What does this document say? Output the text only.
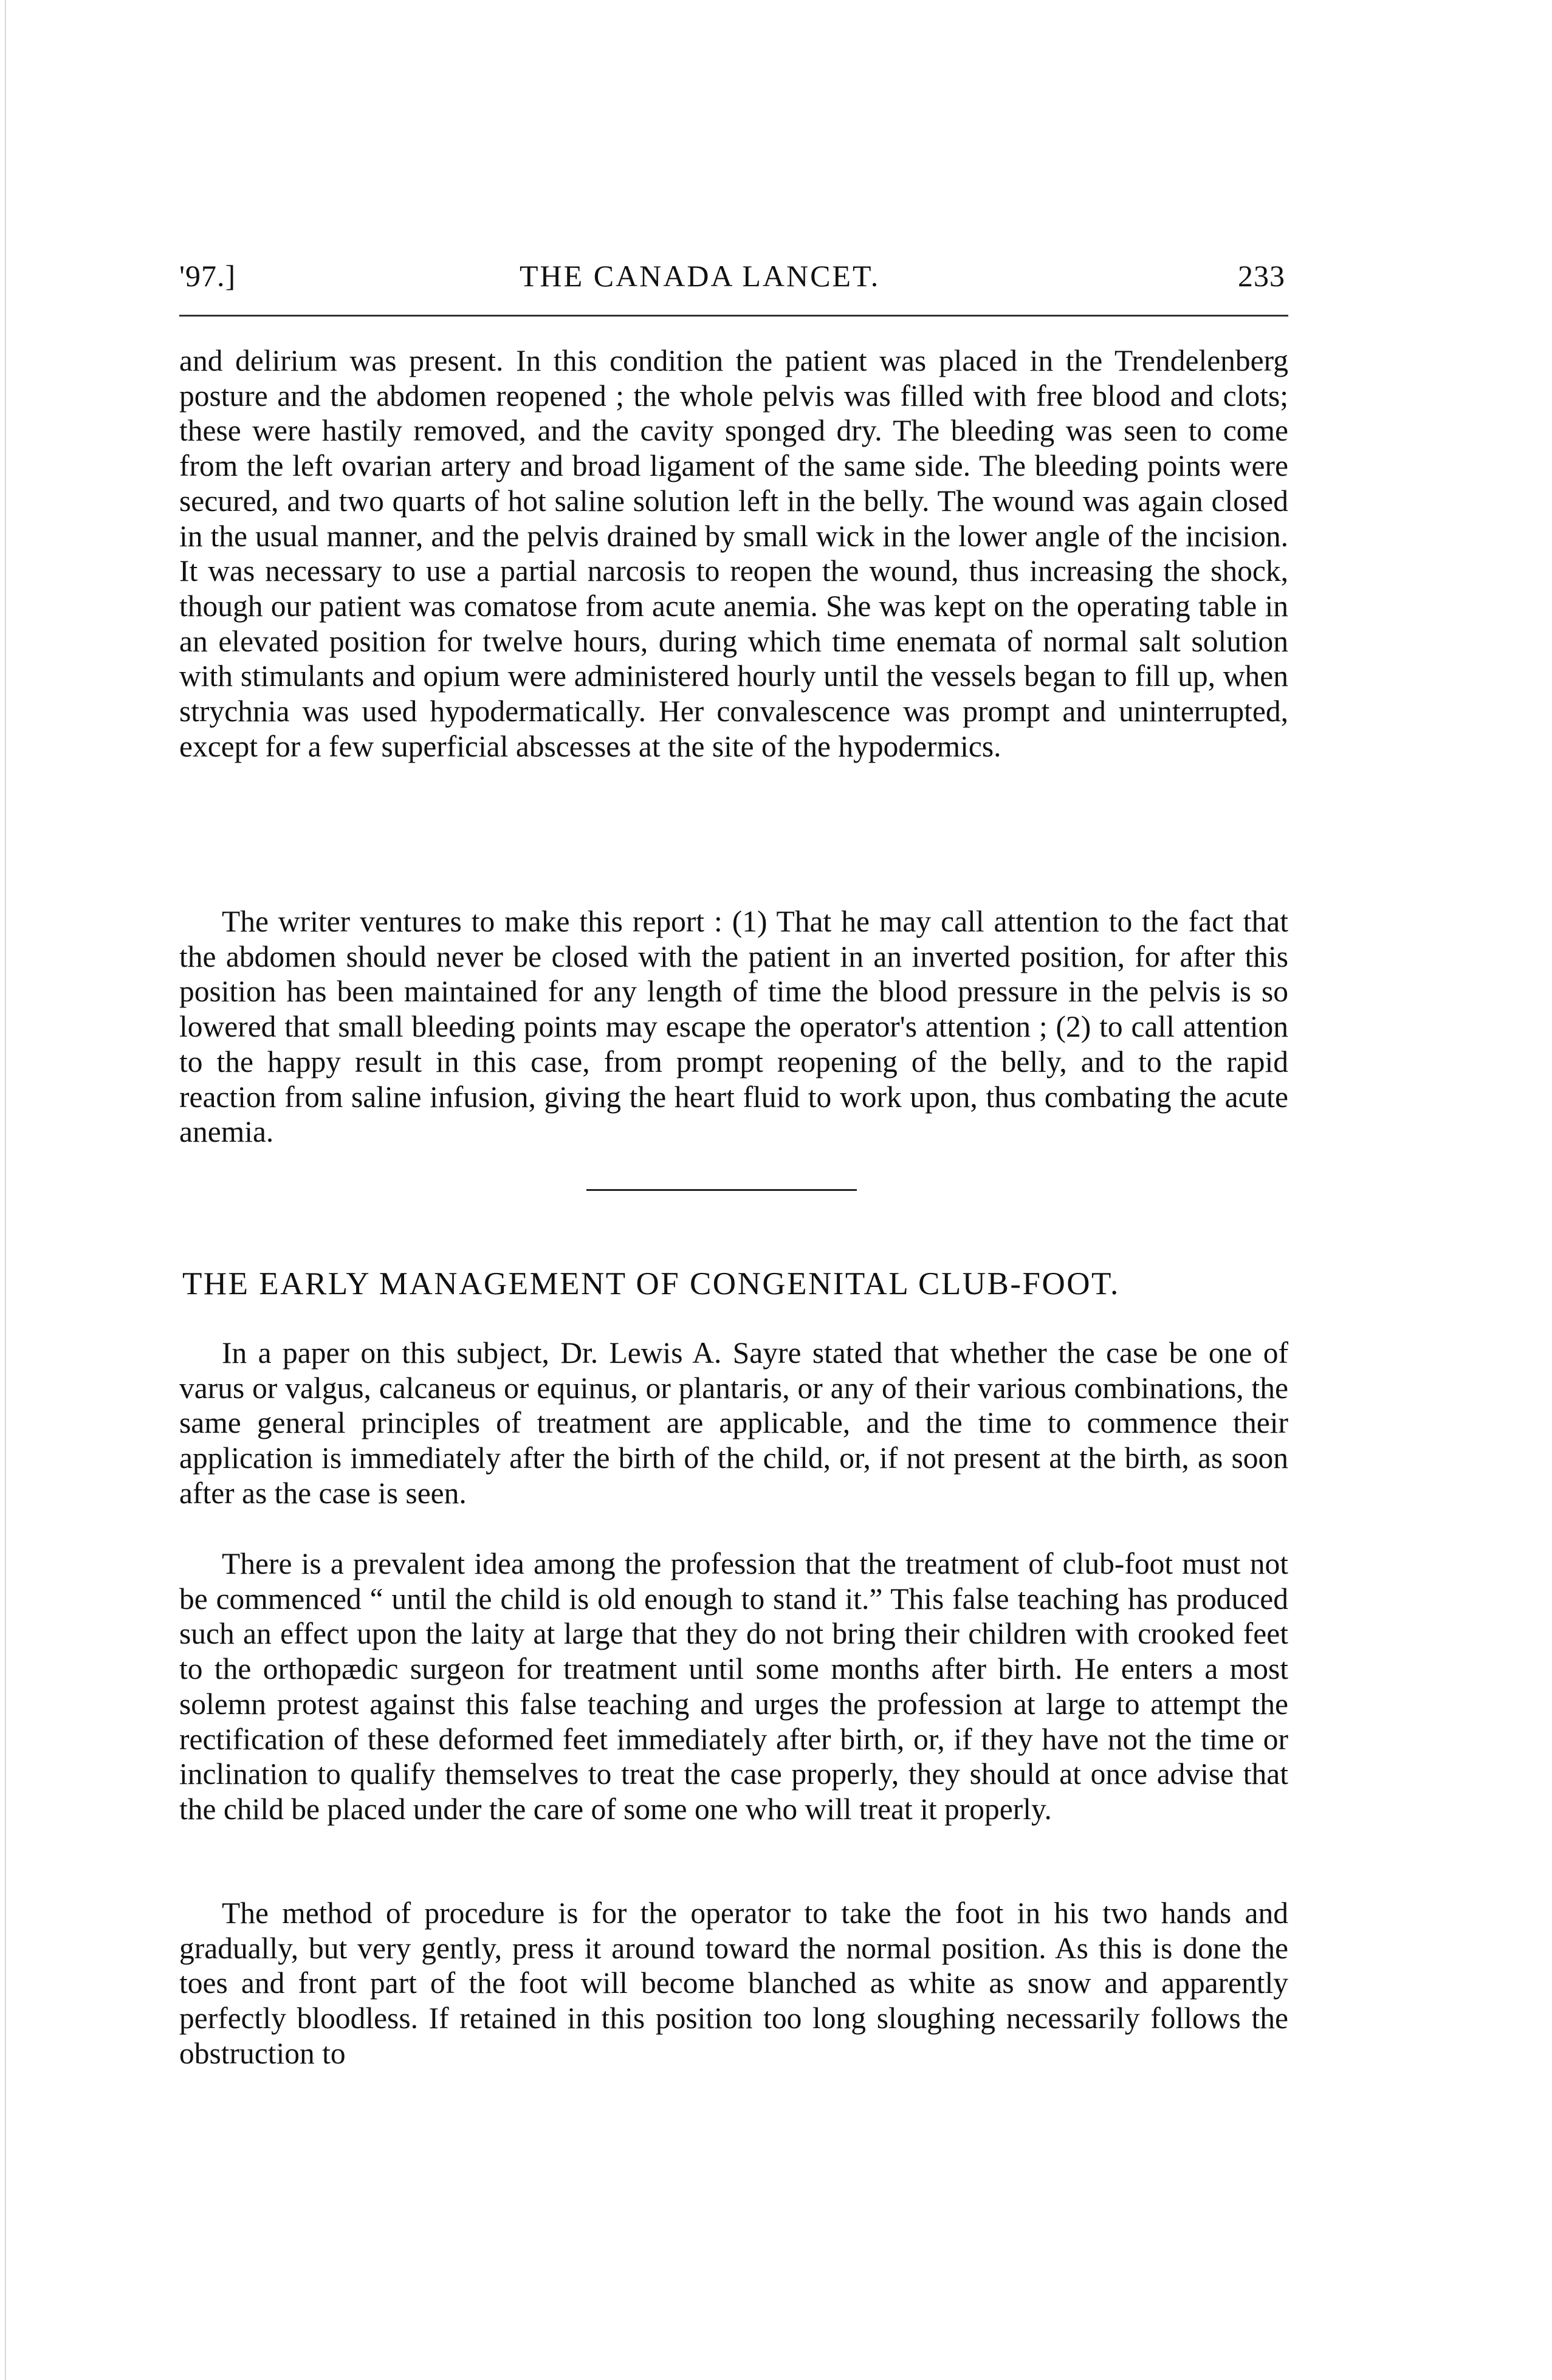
'97.]	THE CANADA LANCET.	233

and delirium was present. In this condition the patient was placed in the Trendelenberg posture and the abdomen reopened ; the whole pelvis was filled with free blood and clots; these were hastily removed, and the cavity sponged dry. The bleeding was seen to come from the left ovarian artery and broad ligament of the same side. The bleeding points were secured, and two quarts of hot saline solution left in the belly. The wound was again closed in the usual manner, and the pelvis drained by small wick in the lower angle of the incision. It was necessary to use a partial narcosis to reopen the wound, thus increasing the shock, though our patient was comatose from acute anemia. She was kept on the operating table in an elevated position for twelve hours, during which time enemata of normal salt solution with stimulants and opium were administered hourly until the vessels began to fill up, when strychnia was used hypodermatically. Her convalescence was prompt and uninterrupted, except for a few superficial abscesses at the site of the hypodermics.

The writer ventures to make this report : (1) That he may call attention to the fact that the abdomen should never be closed with the patient in an inverted position, for after this position has been maintained for any length of time the blood pressure in the pelvis is so lowered that small bleeding points may escape the operator's attention ; (2) to call attention to the happy result in this case, from prompt reopening of the belly, and to the rapid reaction from saline infusion, giving the heart fluid to work upon, thus combating the acute anemia.

THE EARLY MANAGEMENT OF CONGENITAL CLUB-FOOT.

In a paper on this subject, Dr. Lewis A. Sayre stated that whether the case be one of varus or valgus, calcaneus or equinus, or plantaris, or any of their various combinations, the same general principles of treatment are applicable, and the time to commence their application is immediately after the birth of the child, or, if not present at the birth, as soon after as the case is seen.

There is a prevalent idea among the profession that the treatment of club-foot must not be commenced “ until the child is old enough to stand it.” This false teaching has produced such an effect upon the laity at large that they do not bring their children with crooked feet to the orthopædic surgeon for treatment until some months after birth. He enters a most solemn protest against this false teaching and urges the profession at large to attempt the rectification of these deformed feet immediately after birth, or, if they have not the time or inclination to qualify themselves to treat the case properly, they should at once advise that the child be placed under the care of some one who will treat it properly.

The method of procedure is for the operator to take the foot in his two hands and gradually, but very gently, press it around toward the normal position. As this is done the toes and front part of the foot will become blanched as white as snow and apparently perfectly bloodless. If retained in this position too long sloughing necessarily follows the obstruction to
